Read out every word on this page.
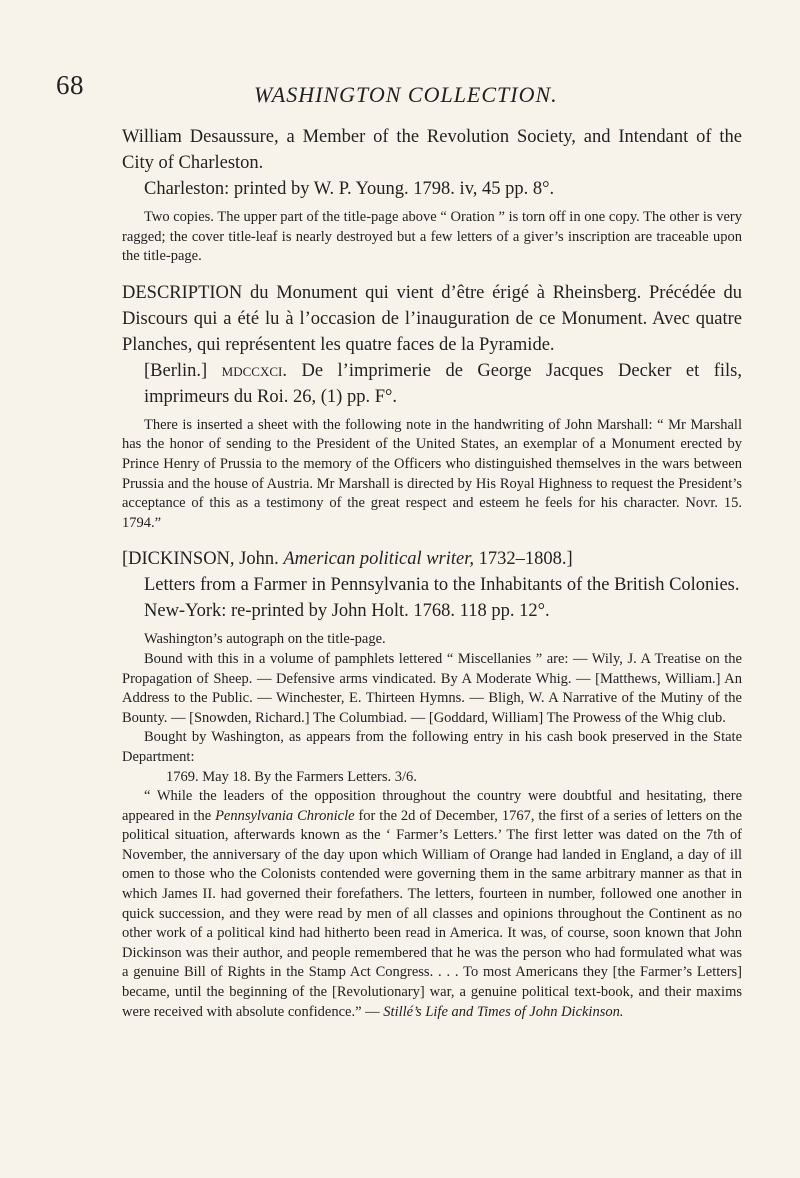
68	WASHINGTON COLLECTION.

William Desaussure, a Member of the Revolution Society, and Intendant of the City of Charleston.

Charleston: printed by W. P. Young. 1798. iv, 45 pp. 8°.

Two copies. The upper part of the title-page above “ Oration ” is torn off in one copy. The other is very ragged; the cover title-leaf is nearly destroyed but a few letters of a giver’s inscription are traceable upon the title-page.

DESCRIPTION du Monument qui vient d’être érigé à Rheinsberg. Précédée du Discours qui a été lu à l’occasion de l’inauguration de ce Monument. Avec quatre Planches, qui représentent les quatre faces de la Pyramide.

[Berlin.] mdccxci. De l’imprimerie de George Jacques Decker et fils, imprimeurs du Roi. 26, (1) pp. F°.

There is inserted a sheet with the following note in the handwriting of John Marshall: “ Mr Marshall has the honor of sending to the President of the United States, an exemplar of a Monument erected by Prince Henry of Prussia to the memory of the Officers who distinguished themselves in the wars between Prussia and the house of Austria. Mr Marshall is directed by His Royal Highness to request the President’s acceptance of this as a testimony of the great respect and esteem he feels for his character. Novr. 15. 1794.”

[DICKINSON, John. American political writer, 1732–1808.]

Letters from a Farmer in Pennsylvania to the Inhabitants of the British Colonies.

New-York: re-printed by John Holt. 1768. 118 pp. 12°.

Washington’s autograph on the title-page.

Bound with this in a volume of pamphlets lettered “ Miscellanies ” are: — Wily, J. A Treatise on the Propagation of Sheep. — Defensive arms vindicated. By A Moderate Whig. — [Matthews, William.] An Address to the Public. — Winchester, E. Thirteen Hymns. — Bligh, W. A Narrative of the Mutiny of the Bounty. — [Snowden, Richard.] The Columbiad. — [Goddard, William] The Prowess of the Whig club.

Bought by Washington, as appears from the following entry in his cash book preserved in the State Department:

1769. May 18. By the Farmers Letters. 3/6.

“ While the leaders of the opposition throughout the country were doubtful and hesitating, there appeared in the Pennsylvania Chronicle for the 2d of December, 1767, the first of a series of letters on the political situation, afterwards known as the ‘ Farmer’s Letters.’ The first letter was dated on the 7th of November, the anniversary of the day upon which William of Orange had landed in England, a day of ill omen to those who the Colonists contended were governing them in the same arbitrary manner as that in which James II. had governed their forefathers. The letters, fourteen in number, followed one another in quick succession, and they were read by men of all classes and opinions throughout the Continent as no other work of a political kind had hitherto been read in America. It was, of course, soon known that John Dickinson was their author, and people remembered that he was the person who had formulated what was a genuine Bill of Rights in the Stamp Act Congress. . . . To most Americans they [the Farmer’s Letters] became, until the beginning of the [Revolutionary] war, a genuine political text-book, and their maxims were received with absolute confidence.” — Stillé’s Life and Times of John Dickinson.
